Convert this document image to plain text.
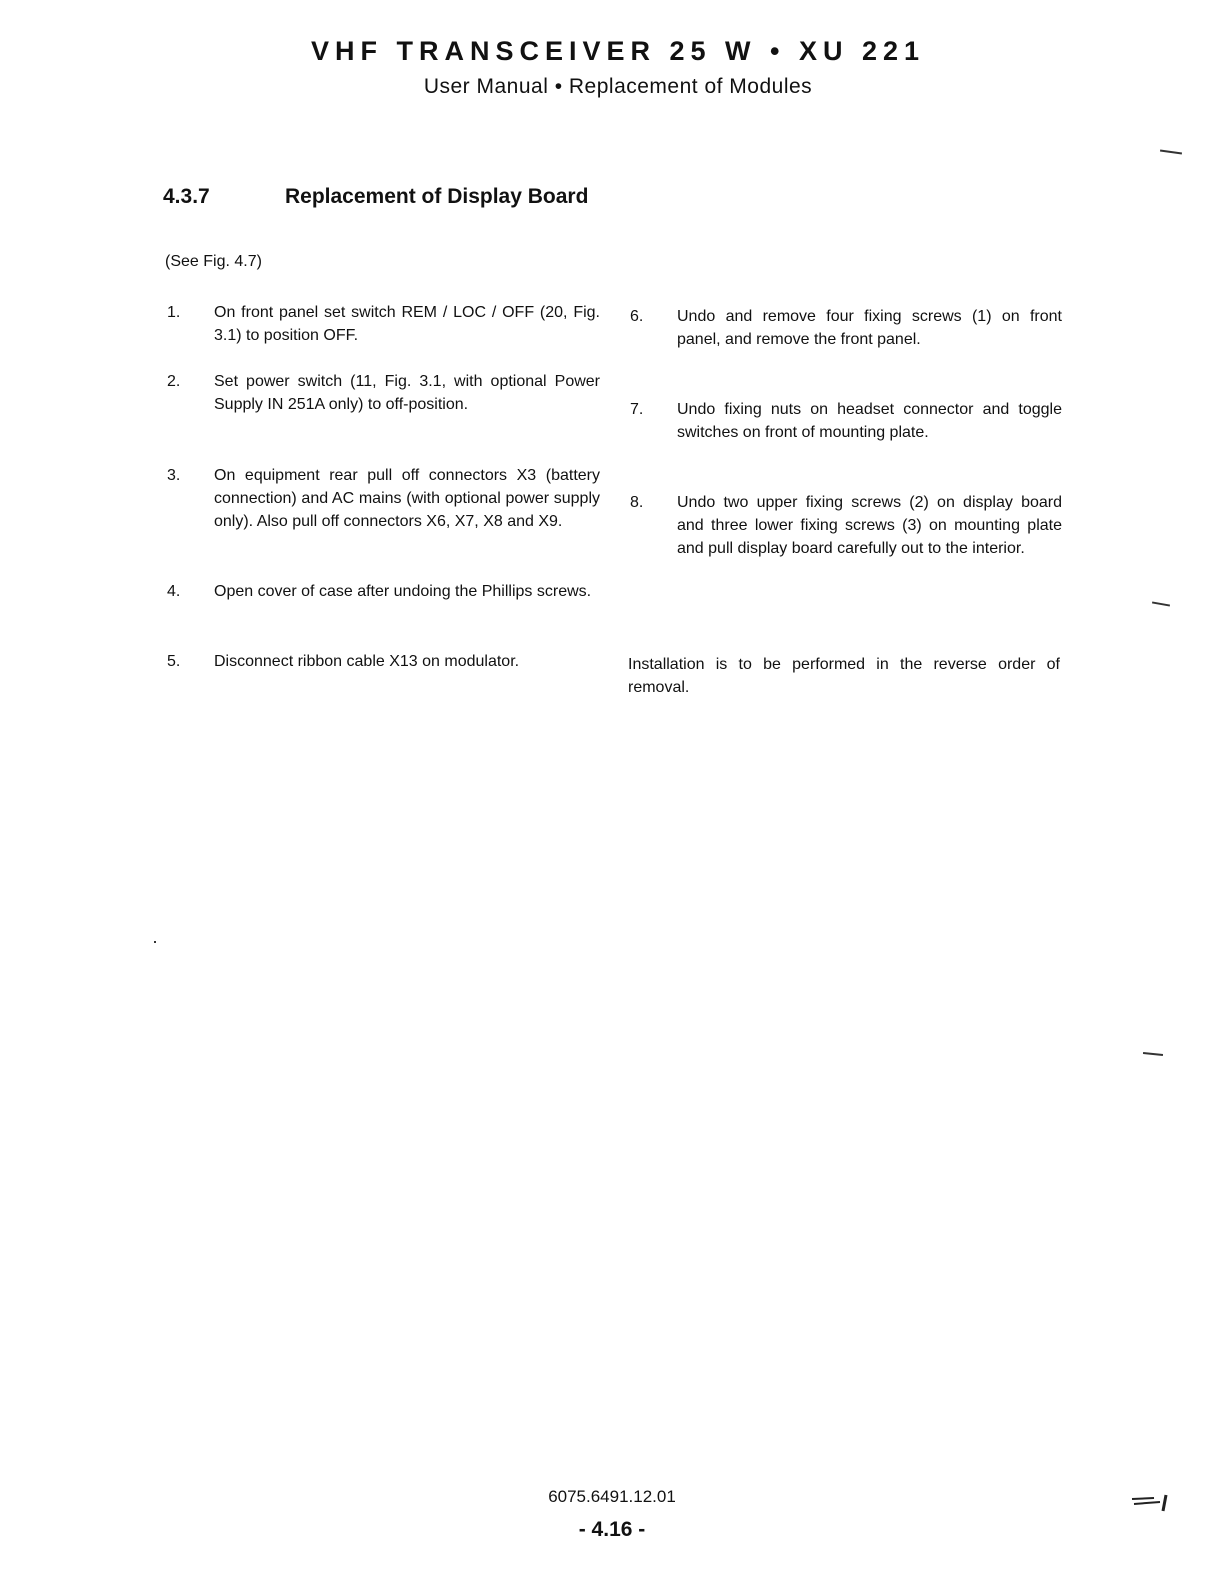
VHF TRANSCEIVER 25 W • XU 221
User Manual • Replacement of Modules
4.3.7	Replacement of Display Board
(See Fig. 4.7)
1. On front panel set switch REM / LOC / OFF (20, Fig. 3.1) to position OFF.
2. Set power switch (11, Fig. 3.1, with optional Power Supply IN 251A only) to off-position.
3. On equipment rear pull off connectors X3 (battery connection) and AC mains (with optional power supply only). Also pull off connectors X6, X7, X8 and X9.
4. Open cover of case after undoing the Phillips screws.
5. Disconnect ribbon cable X13 on modulator.
6. Undo and remove four fixing screws (1) on front panel, and remove the front panel.
7. Undo fixing nuts on headset connector and toggle switches on front of mounting plate.
8. Undo two upper fixing screws (2) on display board and three lower fixing screws (3) on mounting plate and pull display board carefully out to the interior.
Installation is to be performed in the reverse order of removal.
6075.6491.12.01
- 4.16 -
